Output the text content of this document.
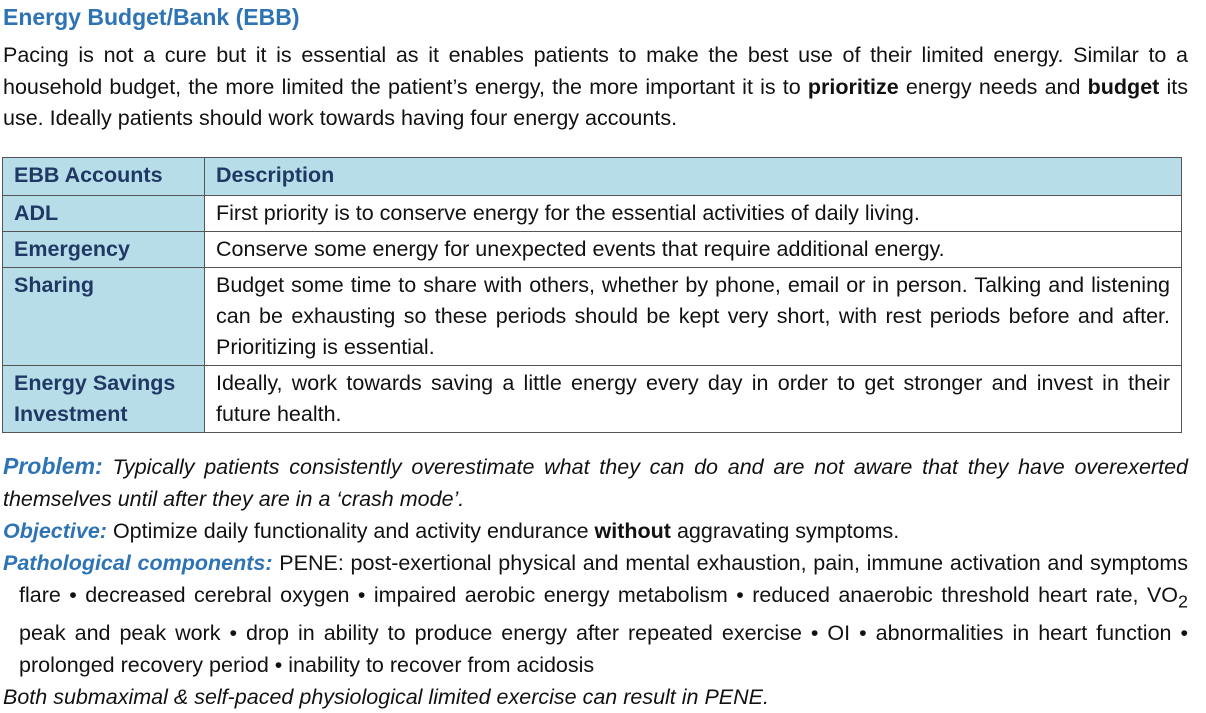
Energy Budget/Bank (EBB)

Pacing is not a cure but it is essential as it enables patients to make the best use of their limited energy. Similar to a household budget, the more limited the patient’s energy, the more important it is to prioritize energy needs and budget its use. Ideally patients should work towards having four energy accounts.

EBB Accounts	Description
ADL	First priority is to conserve energy for the essential activities of daily living.
Emergency	Conserve some energy for unexpected events that require additional energy.
Sharing	Budget some time to share with others, whether by phone, email or in person. Talking and listening can be exhausting so these periods should be kept very short, with rest periods before and after. Prioritizing is essential.
Energy Savings Investment	Ideally, work towards saving a little energy every day in order to get stronger and invest in their future health.

Problem: Typically patients consistently overestimate what they can do and are not aware that they have overexerted themselves until after they are in a ‘crash mode’.

Objective: Optimize daily functionality and activity endurance without aggravating symptoms.

Pathological components: PENE: post-exertional physical and mental exhaustion, pain, immune activation and symptoms flare • decreased cerebral oxygen • impaired aerobic energy metabolism • reduced anaerobic threshold heart rate, $VO_2$ peak and peak work • drop in ability to produce energy after repeated exercise • OI • abnormalities in heart function • prolonged recovery period • inability to recover from acidosis

Both submaximal & self-paced physiological limited exercise can result in PENE.
